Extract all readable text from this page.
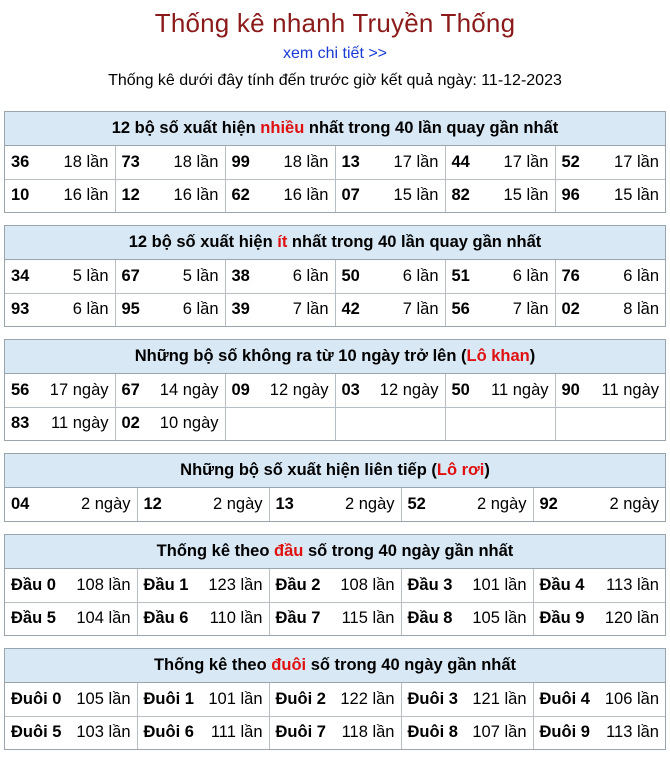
Thống kê nhanh Truyền Thống
xem chi tiết >>
Thống kê dưới đây tính đến trước giờ kết quả ngày: 11-12-2023
12 bộ số xuất hiện nhiều nhất trong 40 lần quay gần nhất
36 18 lần	73 18 lần	99 18 lần	13 17 lần	44 17 lần	52 17 lần

10 16 lần	12 16 lần	62 16 lần	07 15 lần	82 15 lần	96 15 lần
12 bộ số xuất hiện ít nhất trong 40 lần quay gần nhất
34 5 lần	67 5 lần	38 6 lần	50 6 lần	51 6 lần	76 6 lần

93 6 lần	95 6 lần	39 7 lần	42 7 lần	56 7 lần	02 8 lần
Những bộ số không ra từ 10 ngày trở lên (Lô khan)
56 17 ngày	67 14 ngày	09 12 ngày	03 12 ngày	50 11 ngày	90 11 ngày

83 11 ngày	02 10 ngày				

Những bộ số xuất hiện liên tiếp (Lô rơi)
04	2 ngày	12	2 ngày	13	2 ngày	52	2 ngày	92	2 ngày
Thống kê theo đầu số trong 40 ngày gần nhất
Đầu 0 108 lần	Đầu 1 123 lần	Đầu 2 108 lần	Đầu 3 101 lần	Đầu 4 113 lần

Đầu 5 104 lần	Đầu 6 110 lần	Đầu 7 115 lần	Đầu 8 105 lần	Đầu 9 120 lần
Thống kê theo đuôi số trong 40 ngày gần nhất
Đuôi 0 105 lần	Đuôi 1 101 lần	Đuôi 2 122 lần	Đuôi 3 121 lần	Đuôi 4 106 lần

Đuôi 5 103 lần	Đuôi 6 111 lần	Đuôi 7 118 lần	Đuôi 8 107 lần	Đuôi 9 113 lần
